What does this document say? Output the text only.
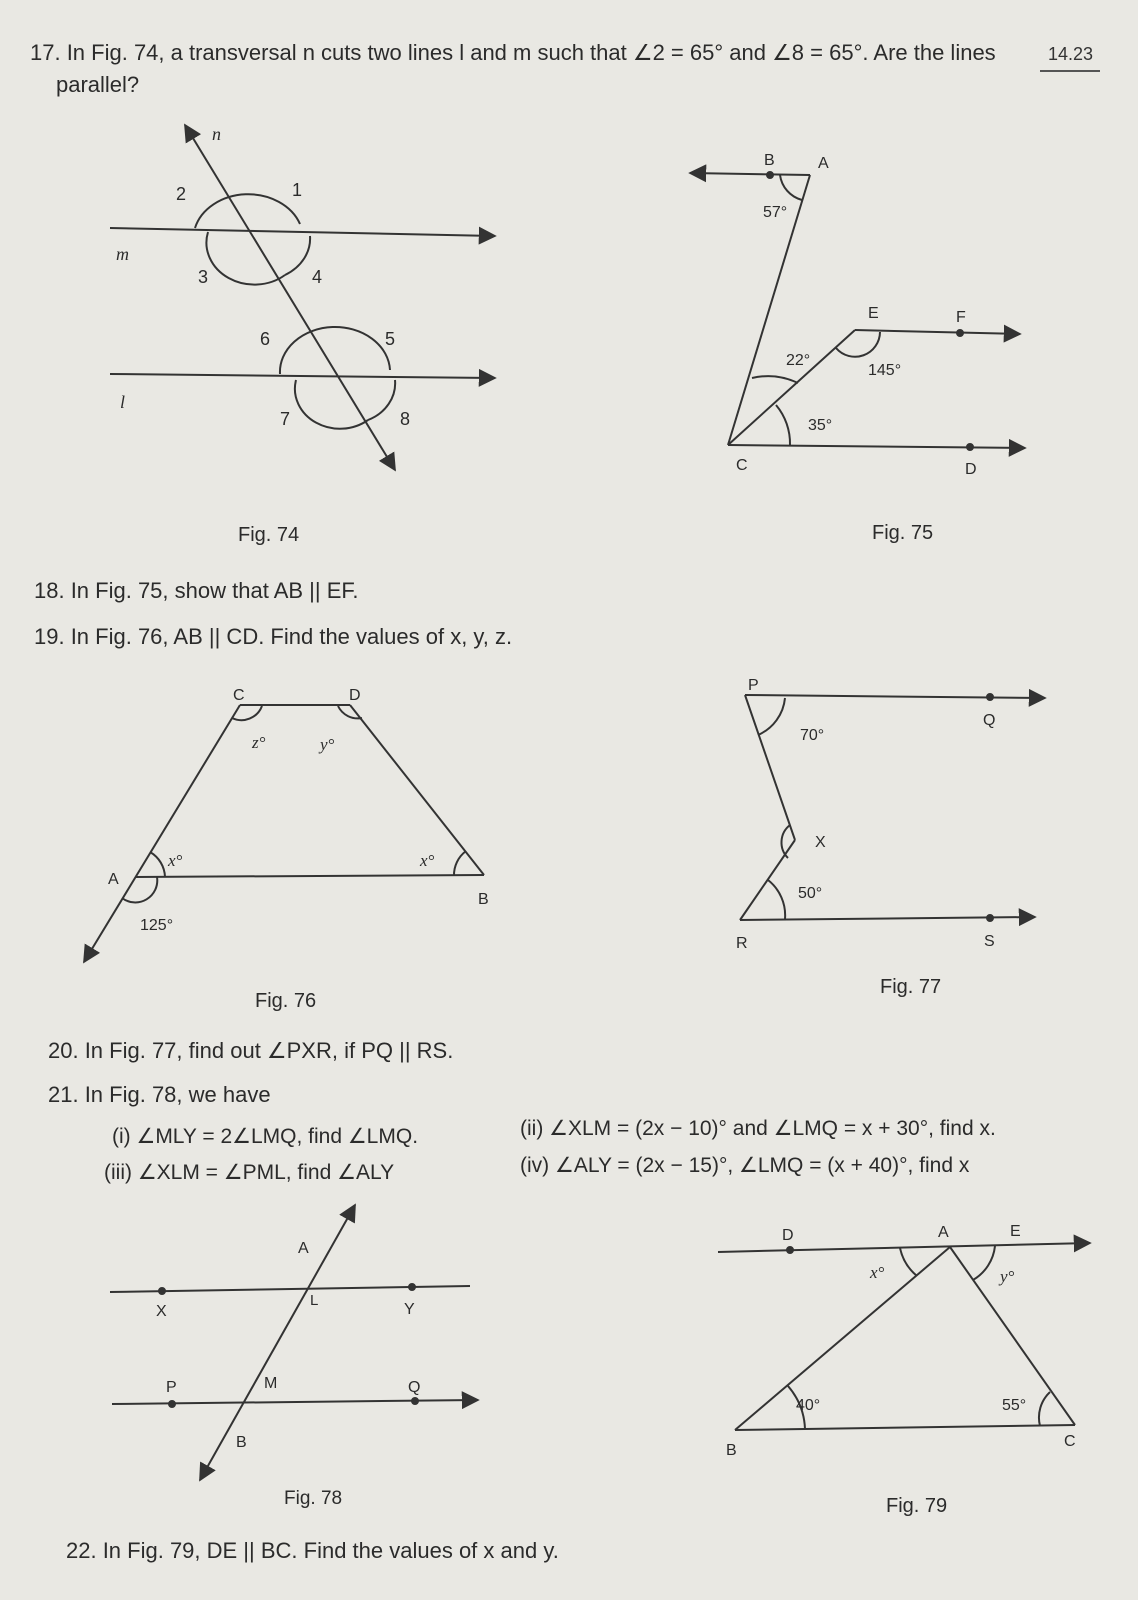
14.23
17. In Fig. 74, a transversal n cuts two lines l and m such that ∠2 = 65° and ∠8 = 65°. Are the lines
parallel?
n
m
l
2	1
3	4
6	5
7	8
B	A
57°
E	F
22°
145°
35°
C	D
C	D
z°	y°
x°	x°
A
B
125°
P
Q
70°
X
50°
R	S
A
L
X	Y
P	M	Q
B
D	A	E
x°	y°
40°	55°
B
C
Fig. 74	Fig. 75
18. In Fig. 75, show that AB || EF.
19. In Fig. 76, AB || CD. Find the values of x, y, z.
Fig. 76
Fig. 77
20. In Fig. 77, find out ∠PXR, if PQ || RS.
21. In Fig. 78, we have
(i) ∠MLY = 2∠LMQ, find ∠LMQ.	(ii) ∠XLM = (2x − 10)° and ∠LMQ = x + 30°, find x.
(iii) ∠XLM = ∠PML, find ∠ALY	(iv) ∠ALY = (2x − 15)°, ∠LMQ = (x + 40)°, find x
Fig. 78	Fig. 79
22. In Fig. 79, DE || BC. Find the values of x and y.
